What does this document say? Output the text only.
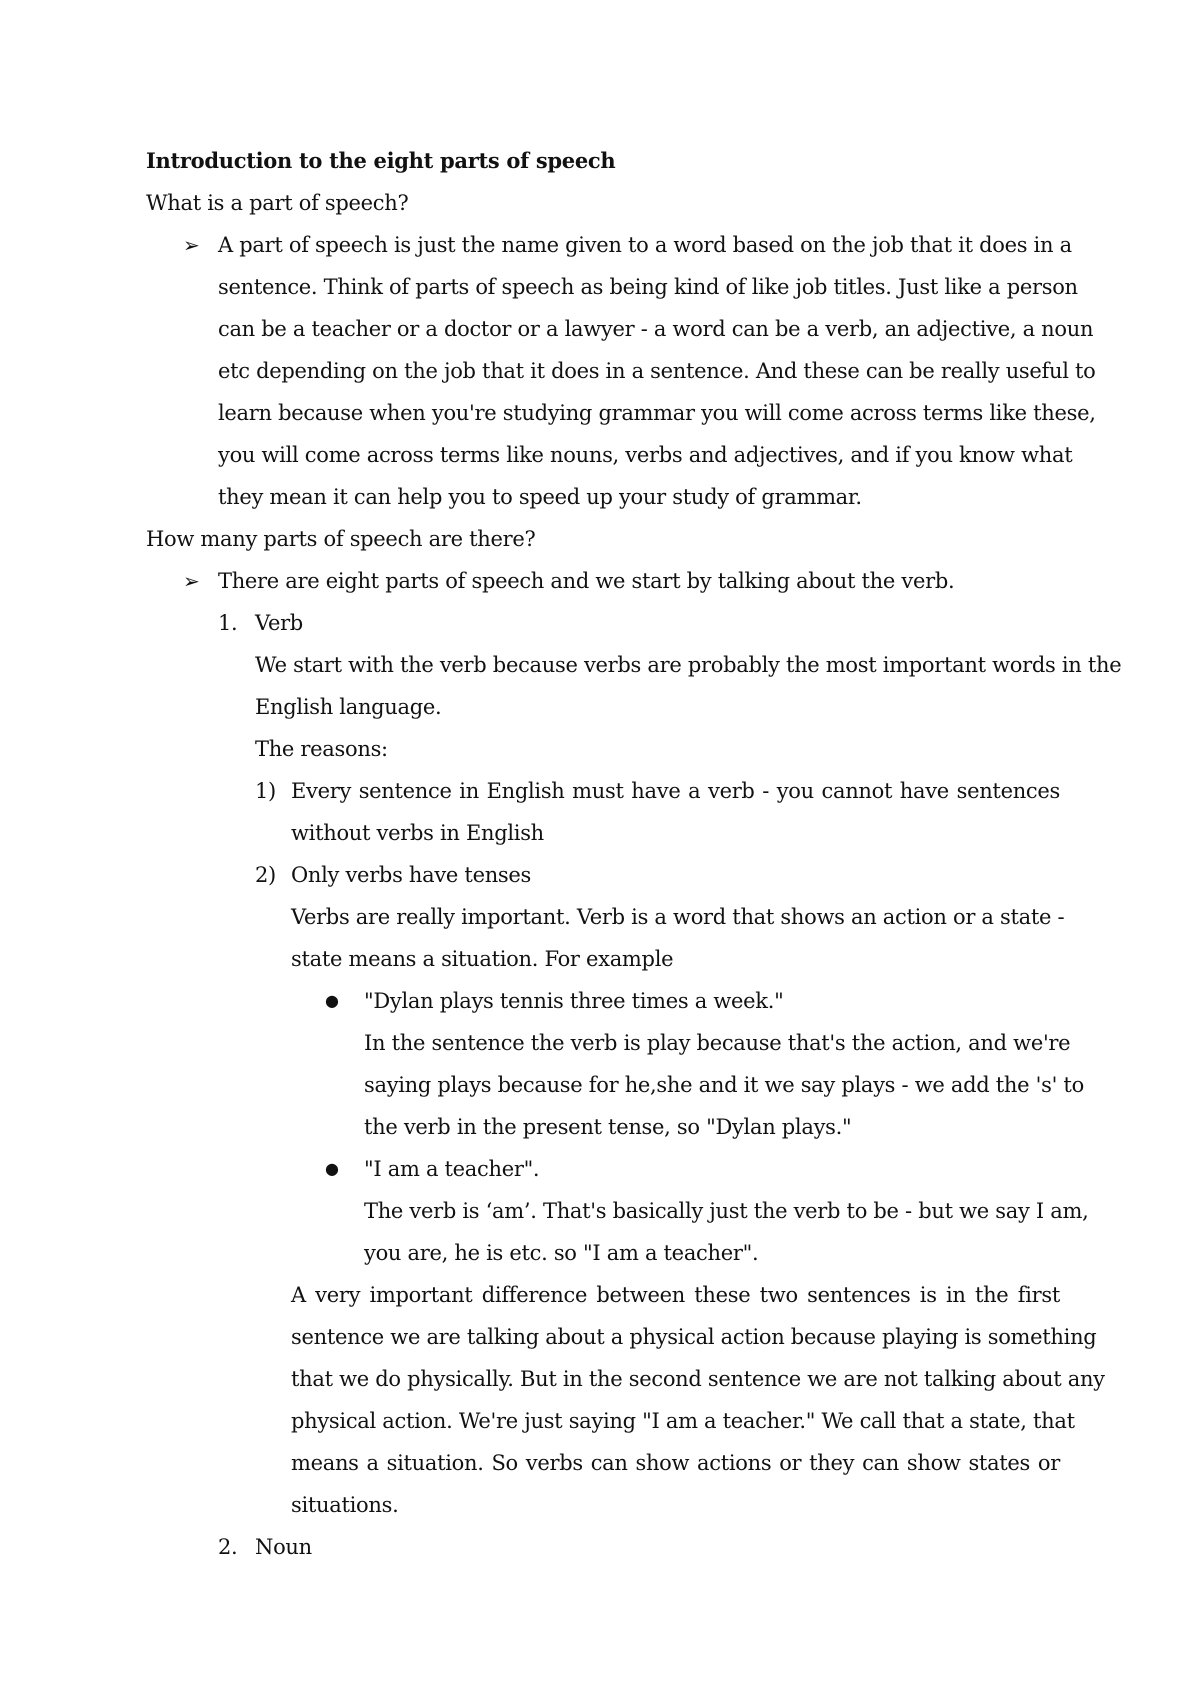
Introduction to the eight parts of speech
What is a part of speech?
➢ A part of speech is just the name given to a word based on the job that it does in a
sentence. Think of parts of speech as being kind of like job titles. Just like a person
can be a teacher or a doctor or a lawyer - a word can be a verb, an adjective, a noun
etc depending on the job that it does in a sentence. And these can be really useful to
learn because when you're studying grammar you will come across terms like these,
you will come across terms like nouns, verbs and adjectives, and if you know what
they mean it can help you to speed up your study of grammar.
How many parts of speech are there?
➢ There are eight parts of speech and we start by talking about the verb.
1. Verb
We start with the verb because verbs are probably the most important words in the
English language.
The reasons:
1) Every sentence in English must have a verb - you cannot have sentences
without verbs in English
2) Only verbs have tenses
Verbs are really important. Verb is a word that shows an action or a state -
state means a situation. For example
● "Dylan plays tennis three times a week."
In the sentence the verb is play because that's the action, and we're
saying plays because for he,she and it we say plays - we add the 's' to
the verb in the present tense, so "Dylan plays."
● "I am a teacher".
The verb is ‘am’. That's basically just the verb to be - but we say I am,
you are, he is etc. so "I am a teacher".
A very important difference between these two sentences is in the first
sentence we are talking about a physical action because playing is something
that we do physically. But in the second sentence we are not talking about any
physical action. We're just saying "I am a teacher." We call that a state, that
means a situation. So verbs can show actions or they can show states or
situations.
2. Noun
